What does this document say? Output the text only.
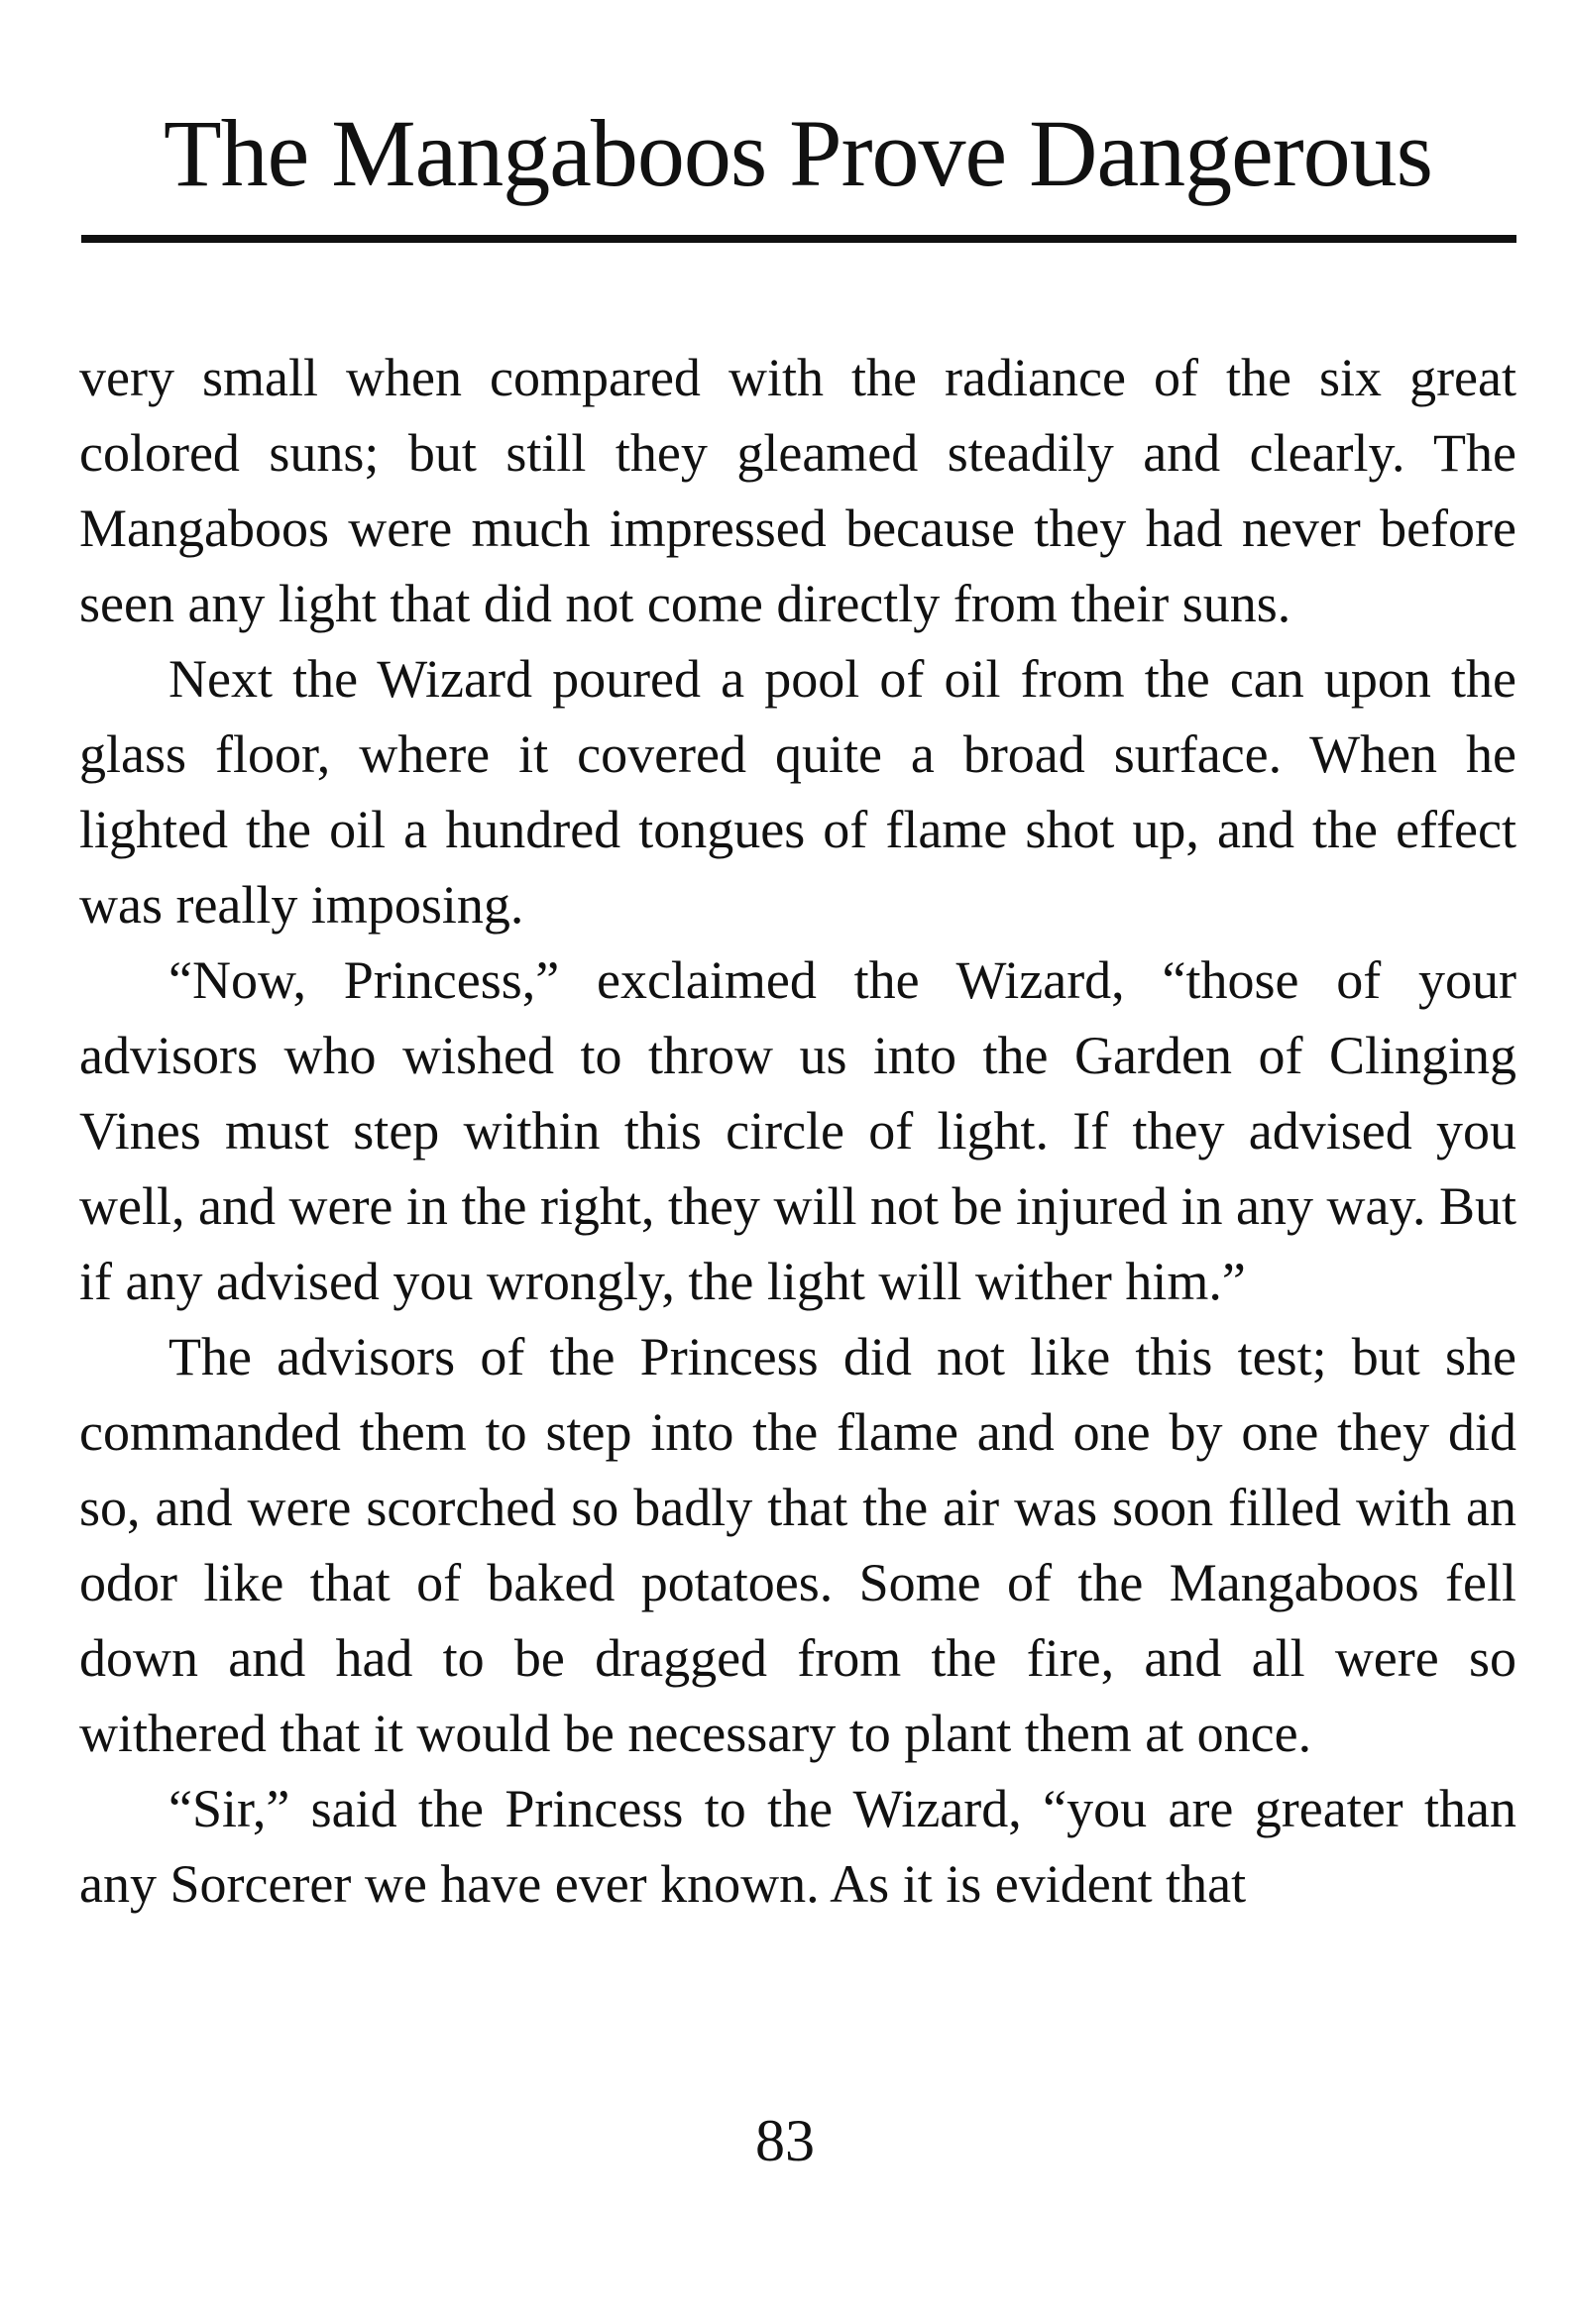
The Mangaboos Prove Dangerous

very small when compared with the radiance of the six great colored suns; but still they gleamed steadily and clearly. The Mangaboos were much impressed because they had never before seen any light that did not come directly from their suns.

Next the Wizard poured a pool of oil from the can upon the glass floor, where it covered quite a broad surface. When he lighted the oil a hundred tongues of flame shot up, and the effect was really imposing.

“Now, Princess,” exclaimed the Wizard, “those of your advisors who wished to throw us into the Garden of Clinging Vines must step within this circle of light. If they advised you well, and were in the right, they will not be injured in any way. But if any advised you wrongly, the light will wither him.”

The advisors of the Princess did not like this test; but she commanded them to step into the flame and one by one they did so, and were scorched so badly that the air was soon filled with an odor like that of baked potatoes. Some of the Mangaboos fell down and had to be dragged from the fire, and all were so withered that it would be necessary to plant them at once.

“Sir,” said the Princess to the Wizard, “you are greater than any Sorcerer we have ever known. As it is evident that

83
